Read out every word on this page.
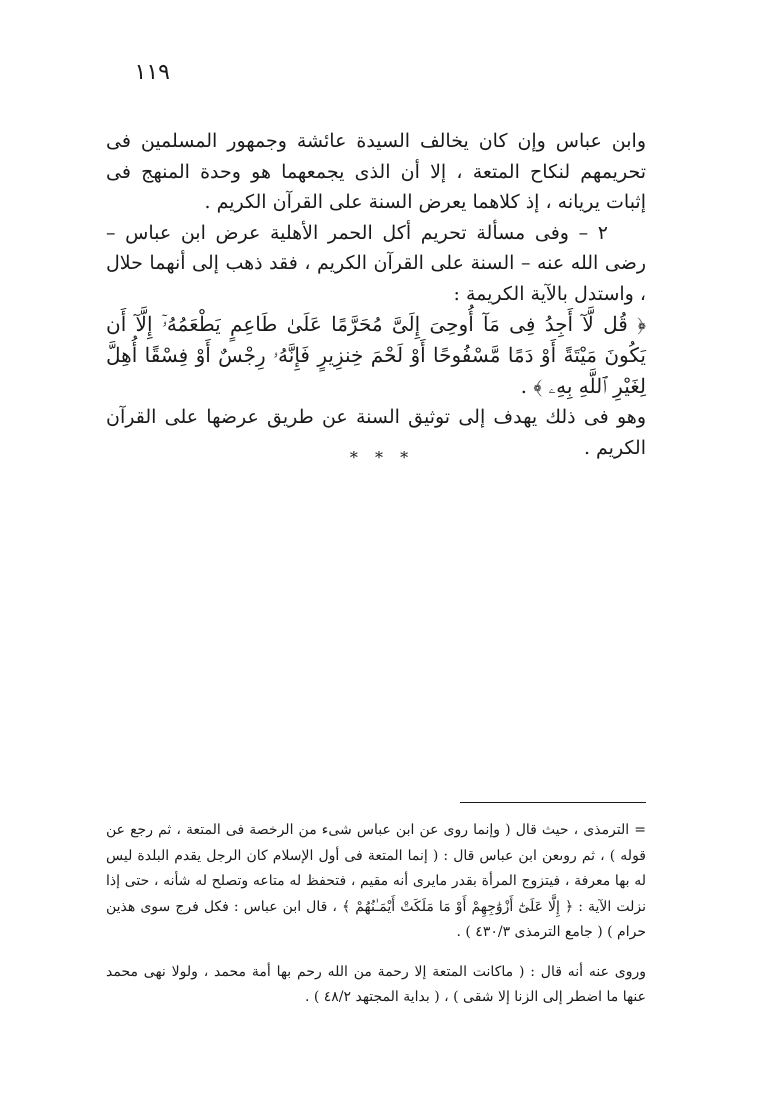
١١٩

وابن عباس وإن كان يخالف السيدة عائشة وجمهور المسلمين فى تحريمهم لنكاح المتعة ، إلا أن الذى يجمعهما هو وحدة المنهج فى إثبات يريانه ، إذ كلاهما يعرض السنة على القرآن الكريم .

٢ – وفى مسألة تحريم أكل الحمر الأهلية عرض ابن عباس – رضى الله عنه – السنة على القرآن الكريم ، فقد ذهب إلى أنهما حلال ، واستدل بالآية الكريمة :

﴿ قُل لَّآ أَجِدُ فِى مَآ أُوحِىَ إِلَىَّ مُحَرَّمًا عَلَىٰ طَاعِمٍ يَطْعَمُهُۥٓ إِلَّآ أَن يَكُونَ مَيْتَةً أَوْ دَمًا مَّسْفُوحًا أَوْ لَحْمَ خِنزِيرٍ فَإِنَّهُۥ رِجْسٌ أَوْ فِسْقًا أُهِلَّ لِغَيْرِ ٱللَّهِ بِهِۦ ﴾ .

وهو فى ذلك يهدف إلى توثيق السنة عن طريق عرضها على القرآن الكريم .

* * *

= الترمذى ، حيث قال ( وإنما روى عن ابن عباس شىء من الرخصة فى المتعة ، ثم رجع عن قوله ) ، ثم روىعن ابن عباس قال : ( إنما المتعة فى أول الإسلام كان الرجل يقدم البلدة ليس له بها معرفة ، فيتزوج المرأة بقدر مايرى أنه مقيم ، فتحفظ له متاعه وتصلح له شأنه ، حتى إذا نزلت الآية : ﴿ إِلَّا عَلَىٰٓ أَزْوَٰجِهِمْ أَوْ مَا مَلَكَتْ أَيْمَـٰنُهُمْ ﴾ ، قال ابن عباس : فكل فرج سوى هذين حرام ) ( جامع الترمذى ٤٣٠/٣ ) .

وروى عنه أنه قال : ( ماكانت المتعة إلا رحمة من الله رحم بها أمة محمد ، ولولا نهى محمد عنها ما اضطر إلى الزنا إلا شقى ) ، ( بداية المجتهد ٤٨/٢ ) .
